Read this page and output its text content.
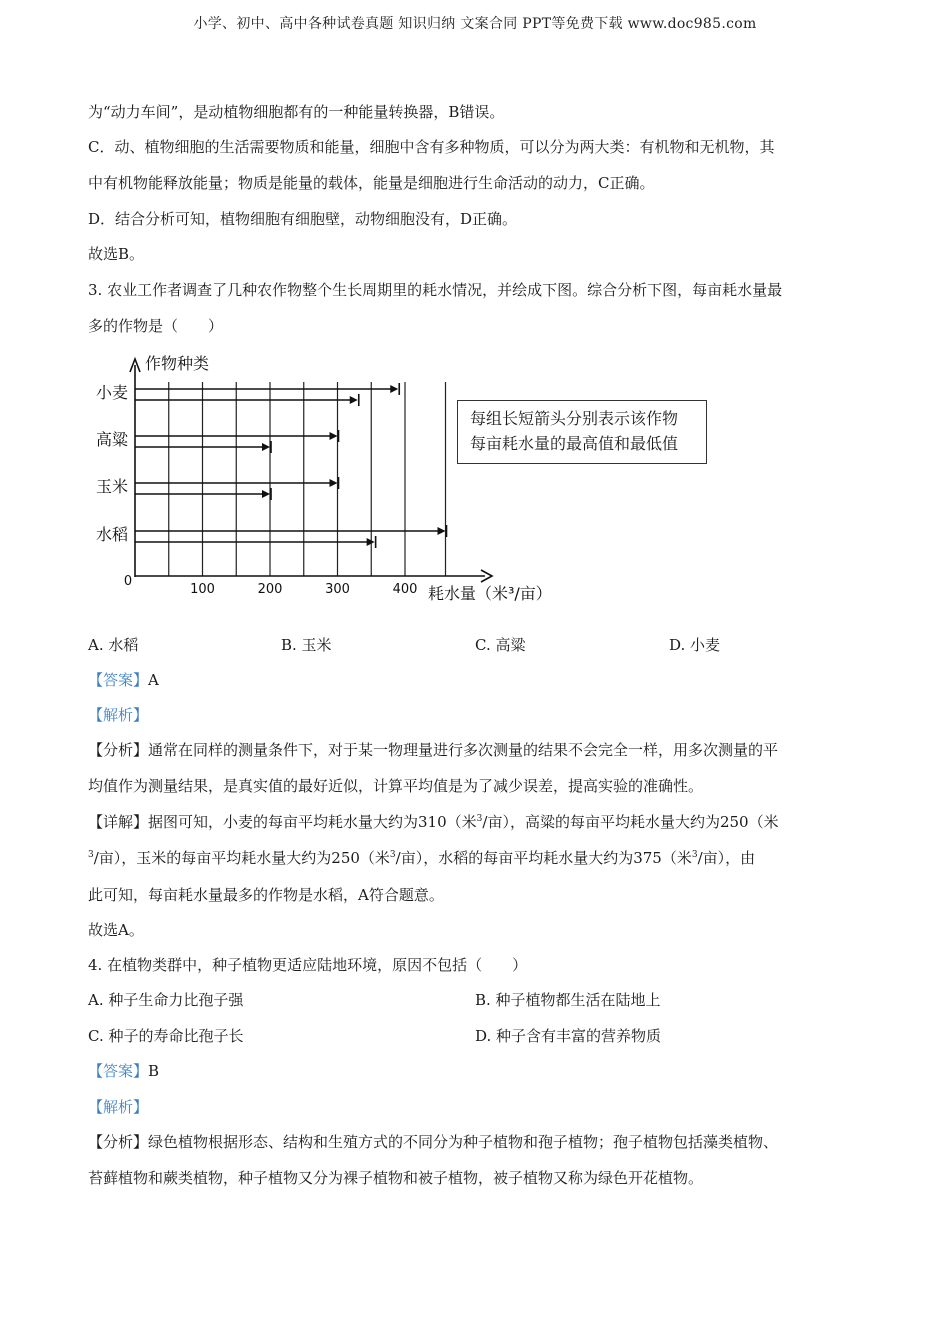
小学、初中、高中各种试卷真题 知识归纳 文案合同 PPT等免费下载 www.doc985.com
为“动力车间”，是动植物细胞都有的一种能量转换器，B错误。
C．动、植物细胞的生活需要物质和能量，细胞中含有多种物质，可以分为两大类：有机物和无机物，其
中有机物能释放能量；物质是能量的载体，能量是细胞进行生命活动的动力，C正确。
D．结合分析可知，植物细胞有细胞壁，动物细胞没有，D正确。
故选B。
3. 农业工作者调查了几种农作物整个生长周期里的耗水情况，并绘成下图。综合分析下图，每亩耗水量最
多的作物是（　　）
作物种类
耗水量（米³/亩）
0
100	200	300	400
小麦
高粱
玉米
水稻
每组长短箭头分别表示该作物
每亩耗水量的最高值和最低值
A. 水稻	B. 玉米	C. 高粱	D. 小麦
【答案】A
【解析】
【分析】通常在同样的测量条件下，对于某一物理量进行多次测量的结果不会完全一样，用多次测量的平
均值作为测量结果，是真实值的最好近似，计算平均值是为了减少误差，提高实验的准确性。
【详解】据图可知，小麦的每亩平均耗水量大约为310（米$^3$/亩），高粱的每亩平均耗水量大约为250（米
$^3$/亩），玉米的每亩平均耗水量大约为250（米$^3$/亩），水稻的每亩平均耗水量大约为375（米$^3$/亩），由
此可知，每亩耗水量最多的作物是水稻，A符合题意。
故选A。
4. 在植物类群中，种子植物更适应陆地环境，原因不包括（　　）
A. 种子生命力比孢子强	B. 种子植物都生活在陆地上
C. 种子的寿命比孢子长	D. 种子含有丰富的营养物质
【答案】B
【解析】
【分析】绿色植物根据形态、结构和生殖方式的不同分为种子植物和孢子植物；孢子植物包括藻类植物、
苔藓植物和蕨类植物，种子植物又分为裸子植物和被子植物，被子植物又称为绿色开花植物。
